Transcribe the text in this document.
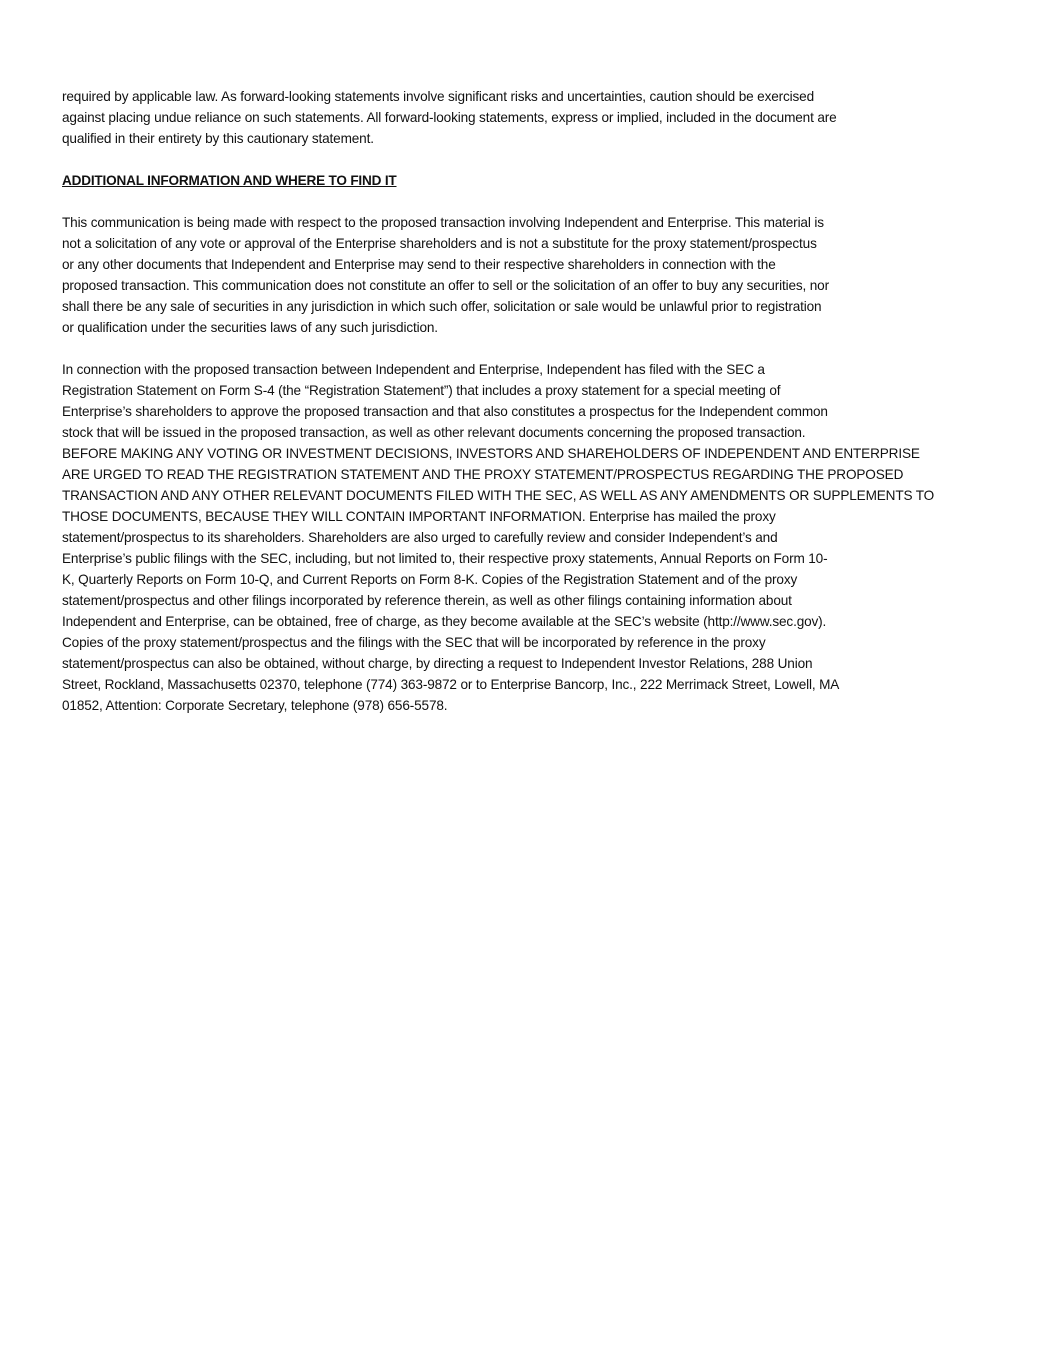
required by applicable law. As forward-looking statements involve significant risks and uncertainties, caution should be exercised
against placing undue reliance on such statements. All forward-looking statements, express or implied, included in the document are
qualified in their entirety by this cautionary statement.
ADDITIONAL INFORMATION AND WHERE TO FIND IT
This communication is being made with respect to the proposed transaction involving Independent and Enterprise. This material is
not a solicitation of any vote or approval of the Enterprise shareholders and is not a substitute for the proxy statement/prospectus
or any other documents that Independent and Enterprise may send to their respective shareholders in connection with the
proposed transaction. This communication does not constitute an offer to sell or the solicitation of an offer to buy any securities, nor
shall there be any sale of securities in any jurisdiction in which such offer, solicitation or sale would be unlawful prior to registration
or qualification under the securities laws of any such jurisdiction.
In connection with the proposed transaction between Independent and Enterprise, Independent has filed with the SEC a
Registration Statement on Form S-4 (the “Registration Statement”) that includes a proxy statement for a special meeting of
Enterprise’s shareholders to approve the proposed transaction and that also constitutes a prospectus for the Independent common
stock that will be issued in the proposed transaction, as well as other relevant documents concerning the proposed transaction.
BEFORE MAKING ANY VOTING OR INVESTMENT DECISIONS, INVESTORS AND SHAREHOLDERS OF INDEPENDENT AND ENTERPRISE
ARE URGED TO READ THE REGISTRATION STATEMENT AND THE PROXY STATEMENT/PROSPECTUS REGARDING THE PROPOSED
TRANSACTION AND ANY OTHER RELEVANT DOCUMENTS FILED WITH THE SEC, AS WELL AS ANY AMENDMENTS OR SUPPLEMENTS TO
THOSE DOCUMENTS, BECAUSE THEY WILL CONTAIN IMPORTANT INFORMATION. Enterprise has mailed the proxy
statement/prospectus to its shareholders. Shareholders are also urged to carefully review and consider Independent’s and
Enterprise’s public filings with the SEC, including, but not limited to, their respective proxy statements, Annual Reports on Form 10-
K, Quarterly Reports on Form 10-Q, and Current Reports on Form 8-K. Copies of the Registration Statement and of the proxy
statement/prospectus and other filings incorporated by reference therein, as well as other filings containing information about
Independent and Enterprise, can be obtained, free of charge, as they become available at the SEC’s website (http://www.sec.gov).
Copies of the proxy statement/prospectus and the filings with the SEC that will be incorporated by reference in the proxy
statement/prospectus can also be obtained, without charge, by directing a request to Independent Investor Relations, 288 Union
Street, Rockland, Massachusetts 02370, telephone (774) 363-9872 or to Enterprise Bancorp, Inc., 222 Merrimack Street, Lowell, MA
01852, Attention: Corporate Secretary, telephone (978) 656-5578.
